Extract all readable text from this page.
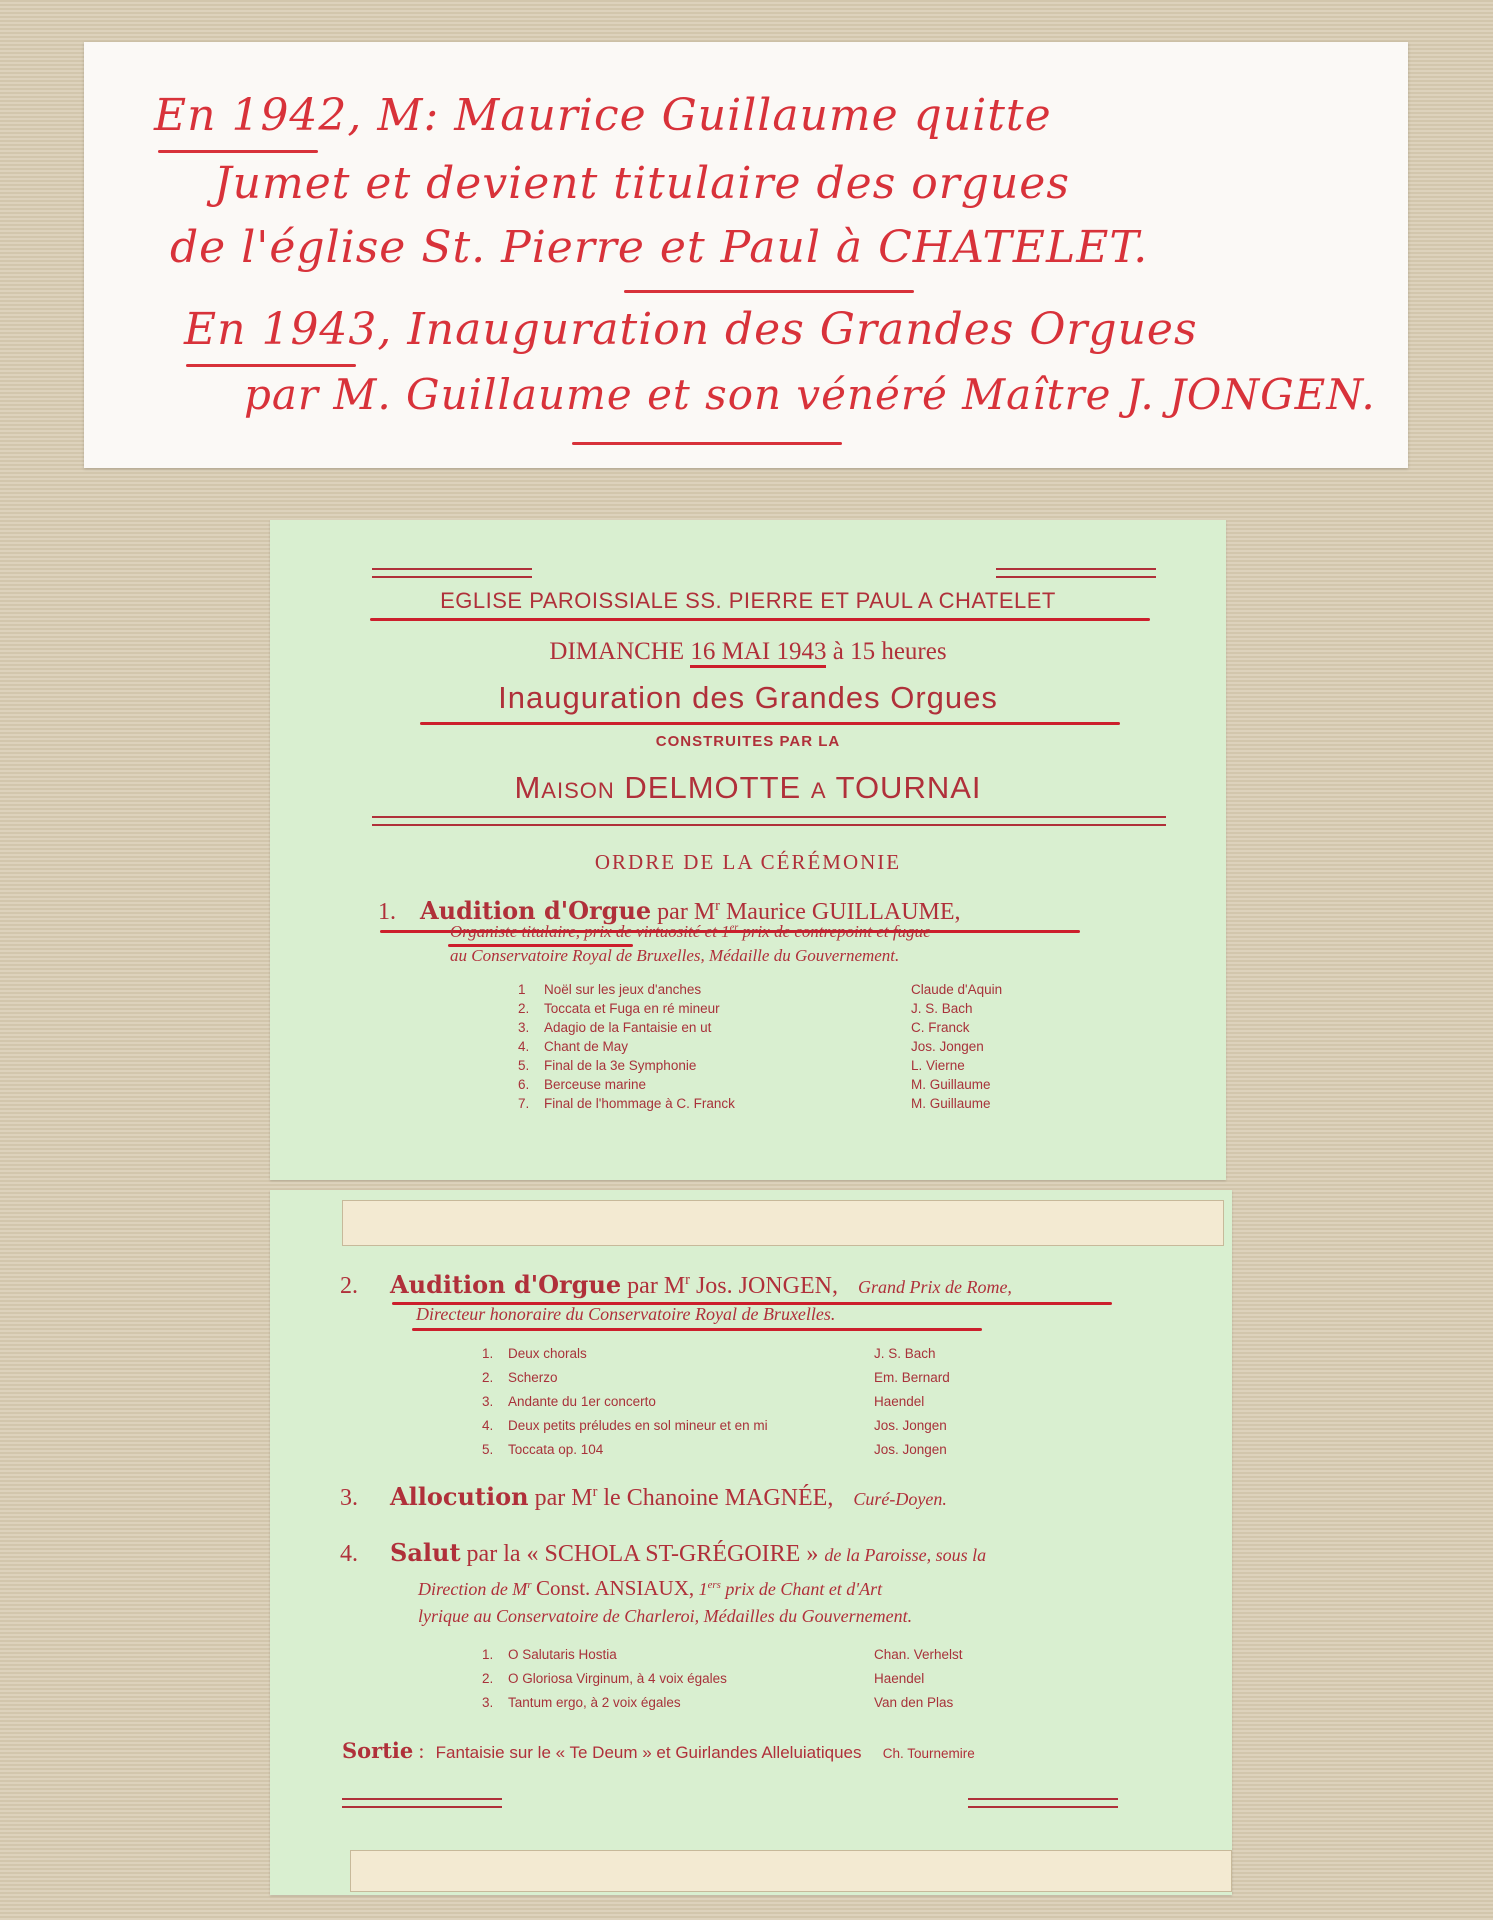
En 1942, M: Maurice Guillaume quitte
Jumet et devient titulaire des orgues
de l'église St. Pierre et Paul à CHATELET.
En 1943, Inauguration des Grandes Orgues
par M. Guillaume et son vénéré Maître J. JONGEN.
EGLISE PAROISSIALE SS. PIERRE ET PAUL A CHATELET
DIMANCHE 16 MAI 1943 à 15 heures
Inauguration des Grandes Orgues
CONSTRUITES PAR LA
Maison DELMOTTE a TOURNAI
ORDRE DE LA CÉRÉMONIE
1. Audition d'Orgue par $M^r$ Maurice GUILLAUME,
Organiste titulaire, prix de virtuosité et 1er prix de contrepoint et fugue
au Conservatoire Royal de Bruxelles, Médaille du Gouvernement.
1 Noël sur les jeux d'anches	Claude d'Aquin
2. Toccata et Fuga en ré mineur	J. S. Bach
3. Adagio de la Fantaisie en ut	C. Franck
4. Chant de May	Jos. Jongen
5. Final de la 3e Symphonie	L. Vierne
6. Berceuse marine	M. Guillaume
7. Final de l'hommage à C. Franck	M. Guillaume
2. Audition d'Orgue par $M^r$ Jos. JONGEN, Grand Prix de Rome,
Directeur honoraire du Conservatoire Royal de Bruxelles.
1. Deux chorals	J. S. Bach
2. Scherzo	Em. Bernard
3. Andante du 1er concerto	Haendel
4. Deux petits préludes en sol mineur et en mi	Jos. Jongen
5. Toccata op. 104	Jos. Jongen
3. Allocution par $M^r$ le Chanoine MAGNÉE, Curé-Doyen.
4. Salut par la « SCHOLA ST-GRÉGOIRE » de la Paroisse, sous la
Direction de $M^r$ Const. ANSIAUX, 1ers prix de Chant et d'Art
lyrique au Conservatoire de Charleroi, Médailles du Gouvernement.
1. O Salutaris Hostia	Chan. Verhelst
2. O Gloriosa Virginum, à 4 voix égales	Haendel
3. Tantum ergo, à 2 voix égales	Van den Plas
Sortie : Fantaisie sur le « Te Deum » et Guirlandes Alleluiatiques Ch. Tournemire
